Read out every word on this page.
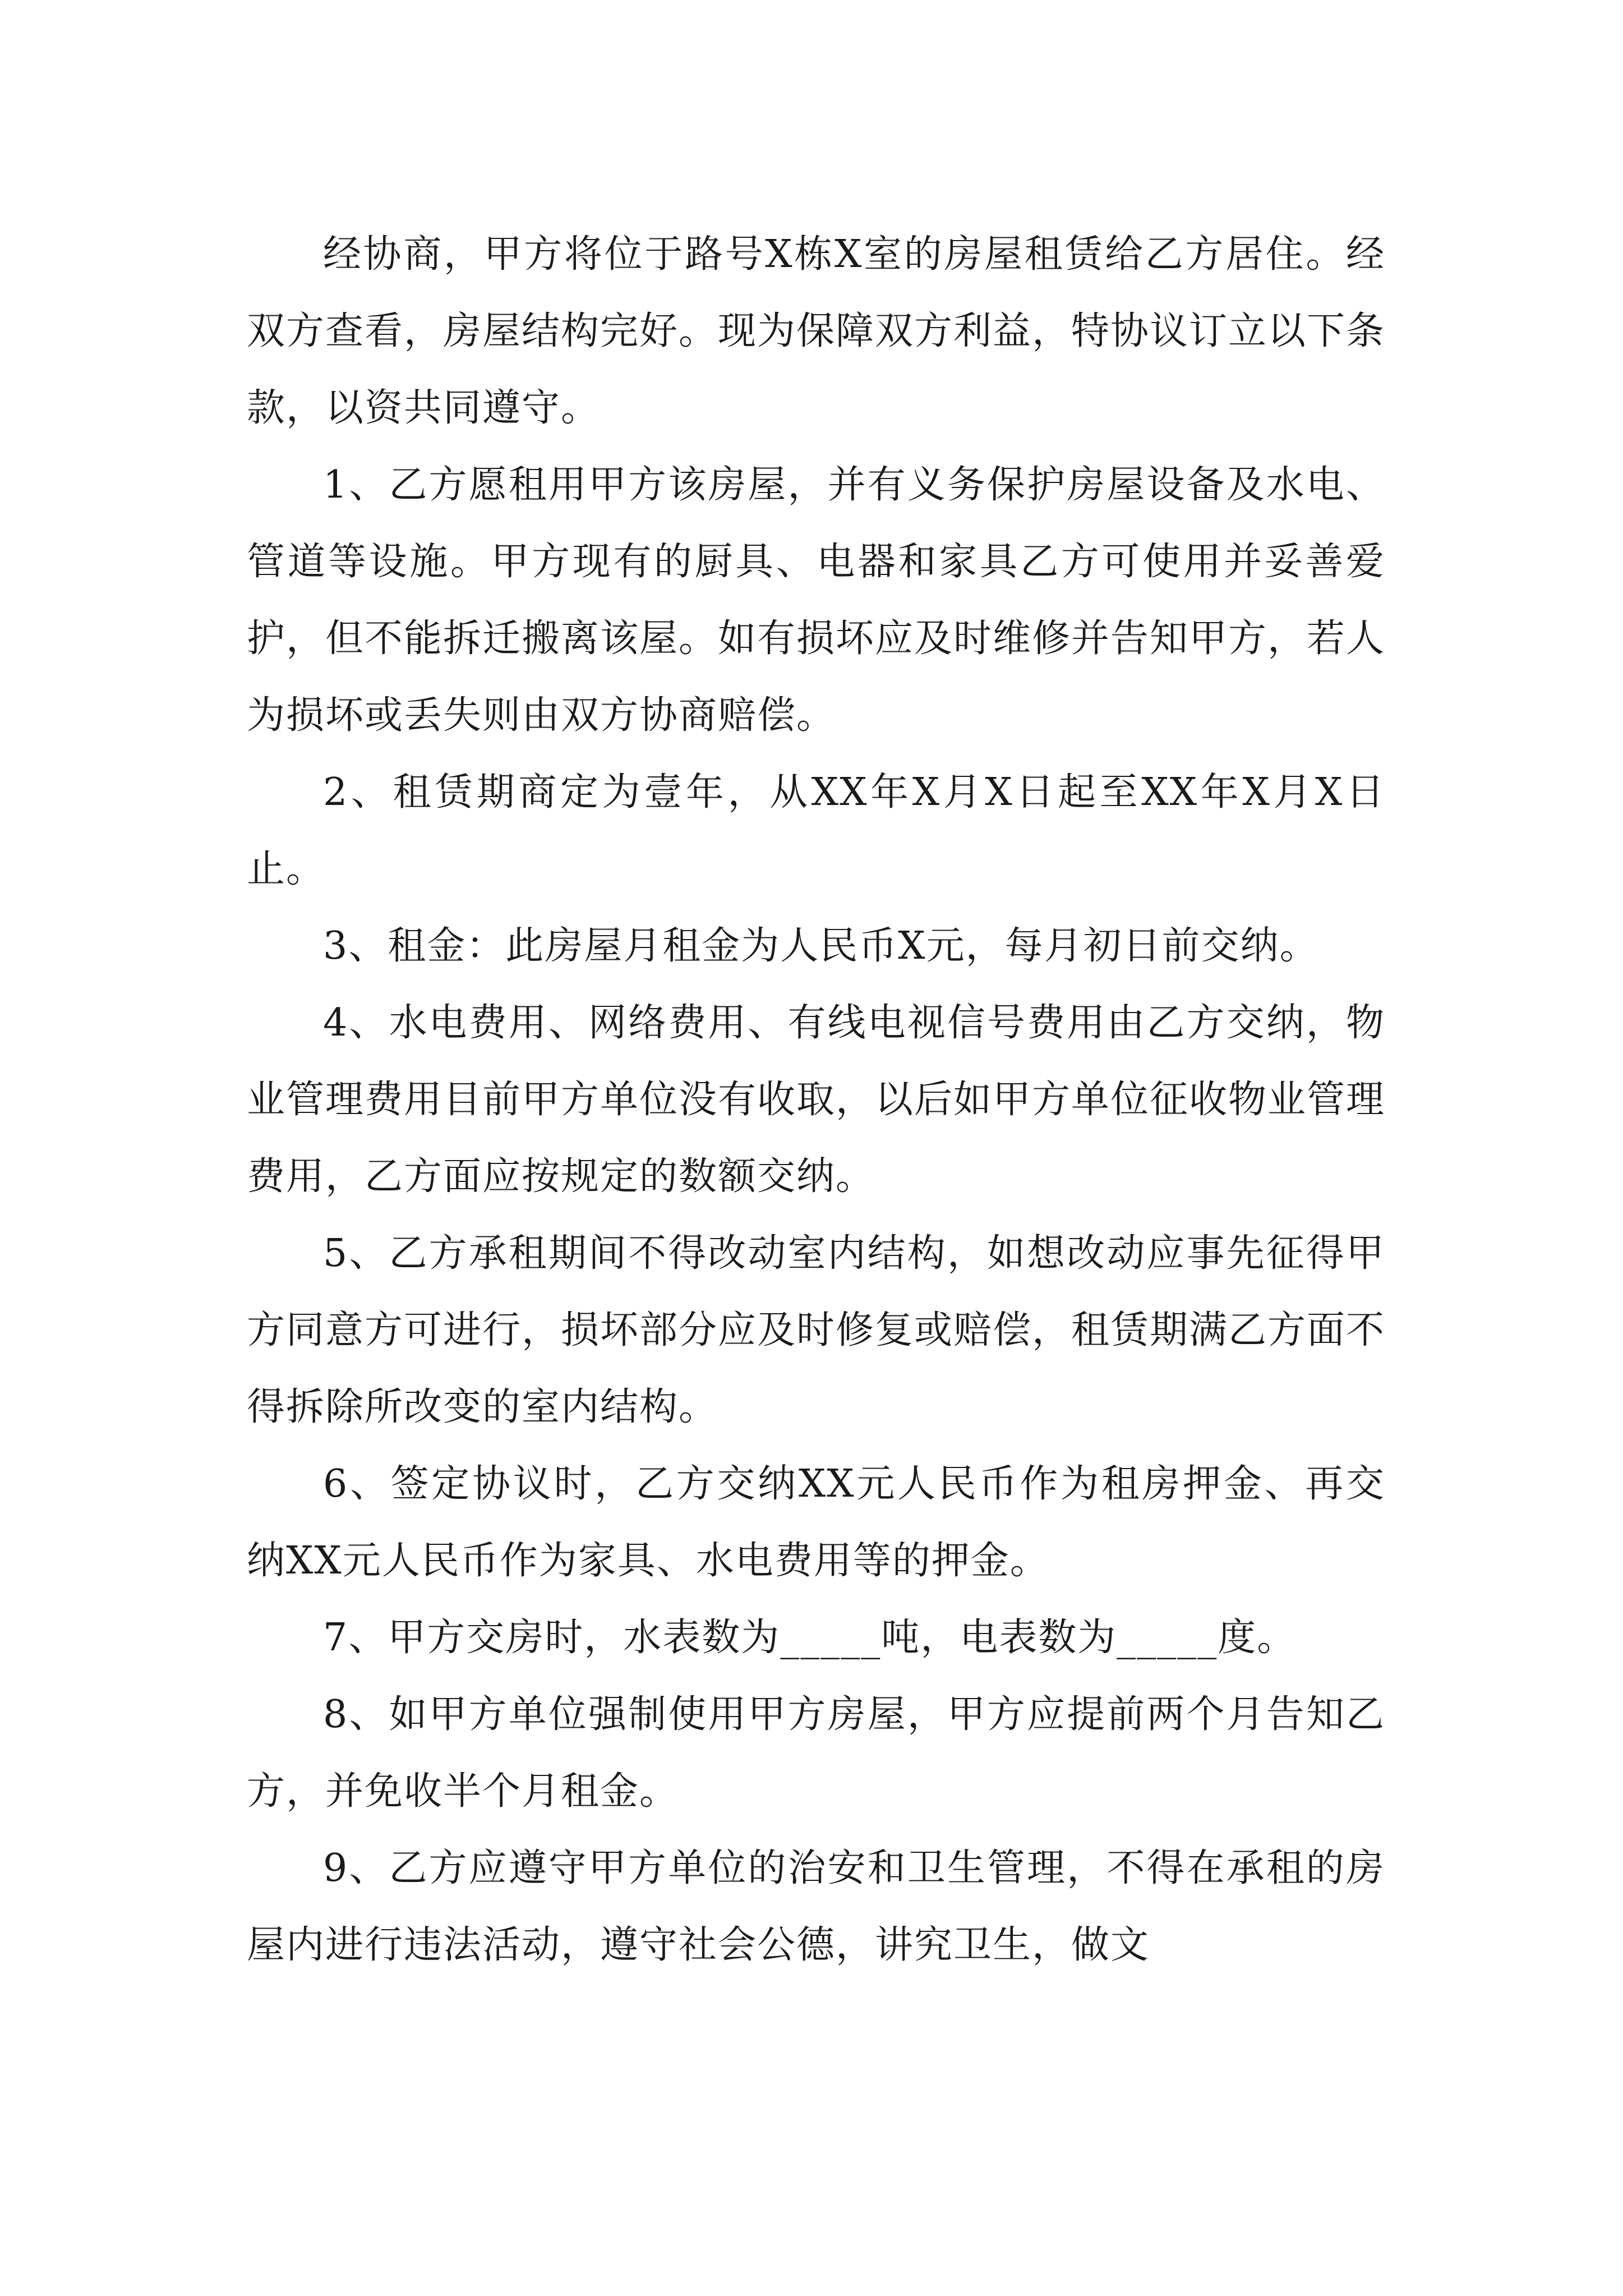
经协商，甲方将位于路号X栋X室的房屋租赁给乙方居住。经双方查看，房屋结构完好。现为保障双方利益，特协议订立以下条款，以资共同遵守。

1、乙方愿租用甲方该房屋，并有义务保护房屋设备及水电、管道等设施。甲方现有的厨具、电器和家具乙方可使用并妥善爱护，但不能拆迁搬离该屋。如有损坏应及时维修并告知甲方，若人为损坏或丢失则由双方协商赔偿。

2、租赁期商定为壹年，从XX年X月X日起至XX年X月X日止。

3、租金：此房屋月租金为人民币X元，每月初日前交纳。

4、水电费用、网络费用、有线电视信号费用由乙方交纳，物业管理费用目前甲方单位没有收取，以后如甲方单位征收物业管理费用，乙方面应按规定的数额交纳。

5、乙方承租期间不得改动室内结构，如想改动应事先征得甲方同意方可进行，损坏部分应及时修复或赔偿，租赁期满乙方面不得拆除所改变的室内结构。

6、签定协议时，乙方交纳XX元人民币作为租房押金、再交纳XX元人民币作为家具、水电费用等的押金。

7、甲方交房时，水表数为_____吨，电表数为_____度。

8、如甲方单位强制使用甲方房屋，甲方应提前两个月告知乙方，并免收半个月租金。

9、乙方应遵守甲方单位的治安和卫生管理，不得在承租的房屋内进行违法活动，遵守社会公德，讲究卫生，做文
